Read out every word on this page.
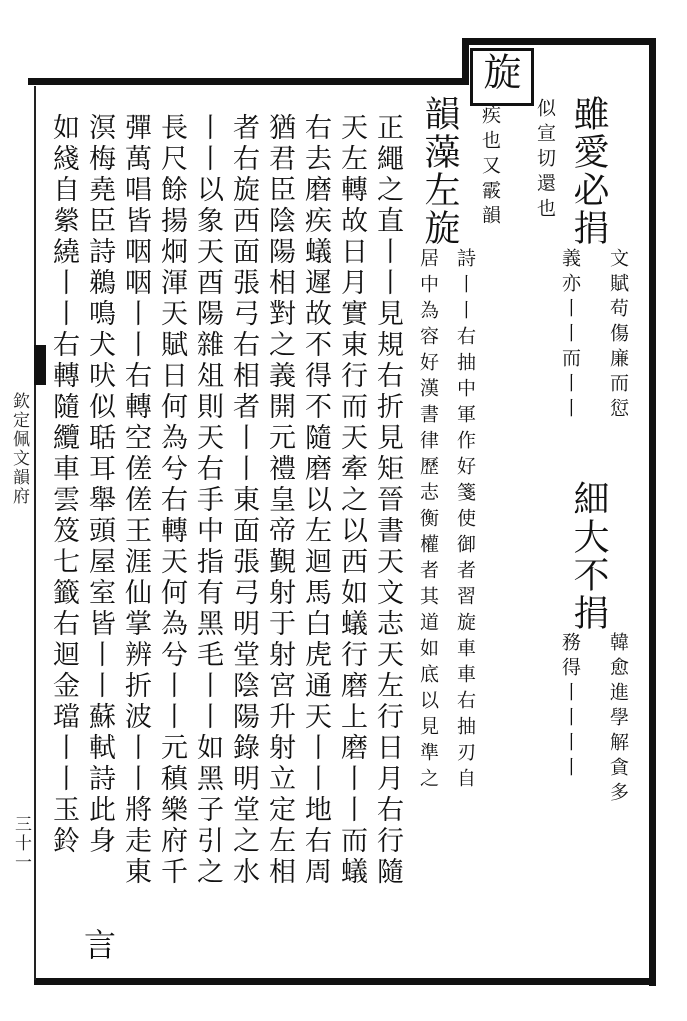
欽定佩文韻府
三十一
旋
似宣切還也
疾也又霰韻 雖愛必捐
文賦苟傷廉而愆
義亦丨丨而丨丨
細大不捐
韓愈進學解貪多
務得丨丨丨丨
韻藻左旋
詩丨丨右抽中軍作好箋使御者習旋車車右抽刃自
居中為容好漢書律歷志衡權者其道如底以見準之
正繩之直丨丨見規右折見矩晉書天文志天左行日月右行隨
天左轉故日月實東行而天牽之以西如蟻行磨上磨丨丨而蟻
右去磨疾蟻遲故不得不隨磨以左迴馬白虎通天丨丨地右周
猶君臣陰陽相對之義開元禮皇帝覲射于射宮升射立定左相
者右旋西面張弓右相者丨丨東面張弓明堂陰陽錄明堂之水
丨丨以象天酉陽雜俎則天右手中指有黑毛丨丨如黑子引之
長尺餘揚炯渾天賦日何為兮右轉天何為兮丨丨元稹樂府千
彈萬唱皆咽咽丨丨右轉空傞傞王涯仙掌辨折波丨丨將走東
溟梅堯臣詩鵜鳴犬吠似聒耳舉頭屋室皆丨丨蘇軾詩此身
言
如綫自縈繞丨丨右轉隨纜車雲笈七籤右迴金璫丨丨玉鈴
